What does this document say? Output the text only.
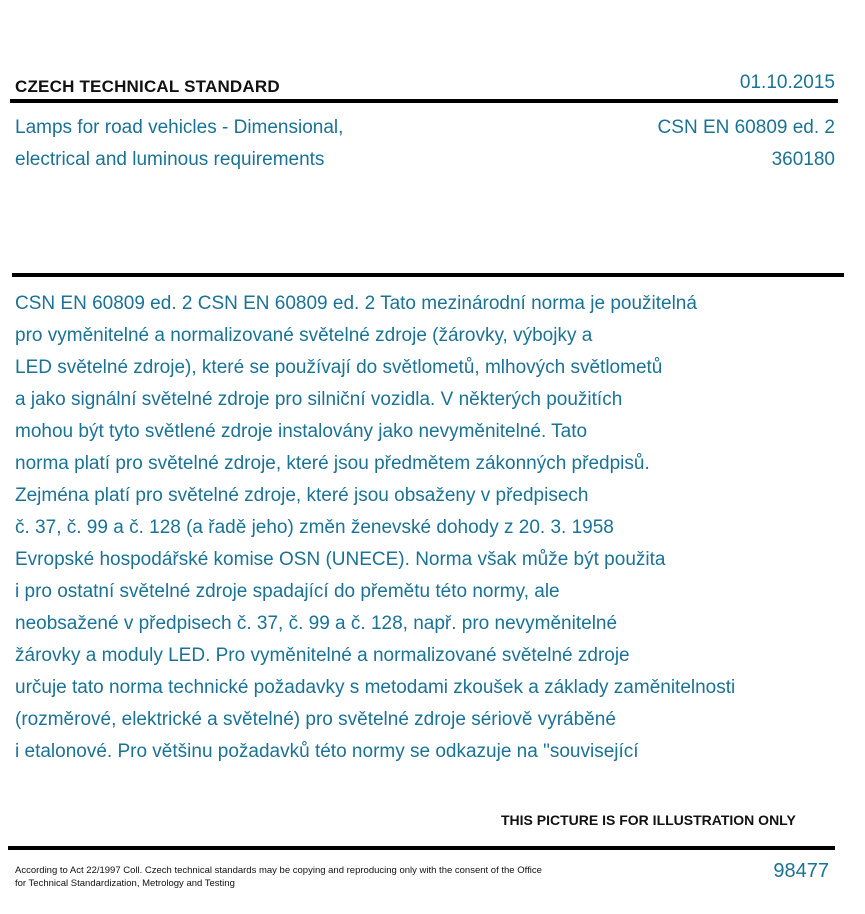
CZECH TECHNICAL STANDARD	01.10.2015
Lamps for road vehicles - Dimensional,
electrical and luminous requirements
CSN EN 60809 ed. 2
360180
CSN EN 60809 ed. 2 CSN EN 60809 ed. 2 Tato mezinárodní norma je použitelná
pro vyměnitelné a normalizované světelné zdroje (žárovky, výbojky a
LED světelné zdroje), které se používají do světlometů, mlhových světlometů
a jako signální světelné zdroje pro silniční vozidla. V některých použitích
mohou být tyto světlené zdroje instalovány jako nevyměnitelné. Tato
norma platí pro světelné zdroje, které jsou předmětem zákonných předpisů.
Zejména platí pro světelné zdroje, které jsou obsaženy v předpisech
č. 37, č. 99 a č. 128 (a řadě jeho) změn ženevské dohody z 20. 3. 1958
Evropské hospodářské komise OSN (UNECE). Norma však může být použita
i pro ostatní světelné zdroje spadající do přemětu této normy, ale
neobsažené v předpisech č. 37, č. 99 a č. 128, např. pro nevyměnitelné
žárovky a moduly LED. Pro vyměnitelné a normalizované světelné zdroje
určuje tato norma technické požadavky s metodami zkoušek a základy zaměnitelnosti
(rozměrové, elektrické a světelné) pro světelné zdroje sériově vyráběné
i etalonové. Pro většinu požadavků této normy se odkazuje na "související
THIS PICTURE IS FOR ILLUSTRATION ONLY
According to Act 22/1997 Coll. Czech technical standards may be copying and reproducing only with the consent of the Office
for Technical Standardization, Metrology and Testing
98477
